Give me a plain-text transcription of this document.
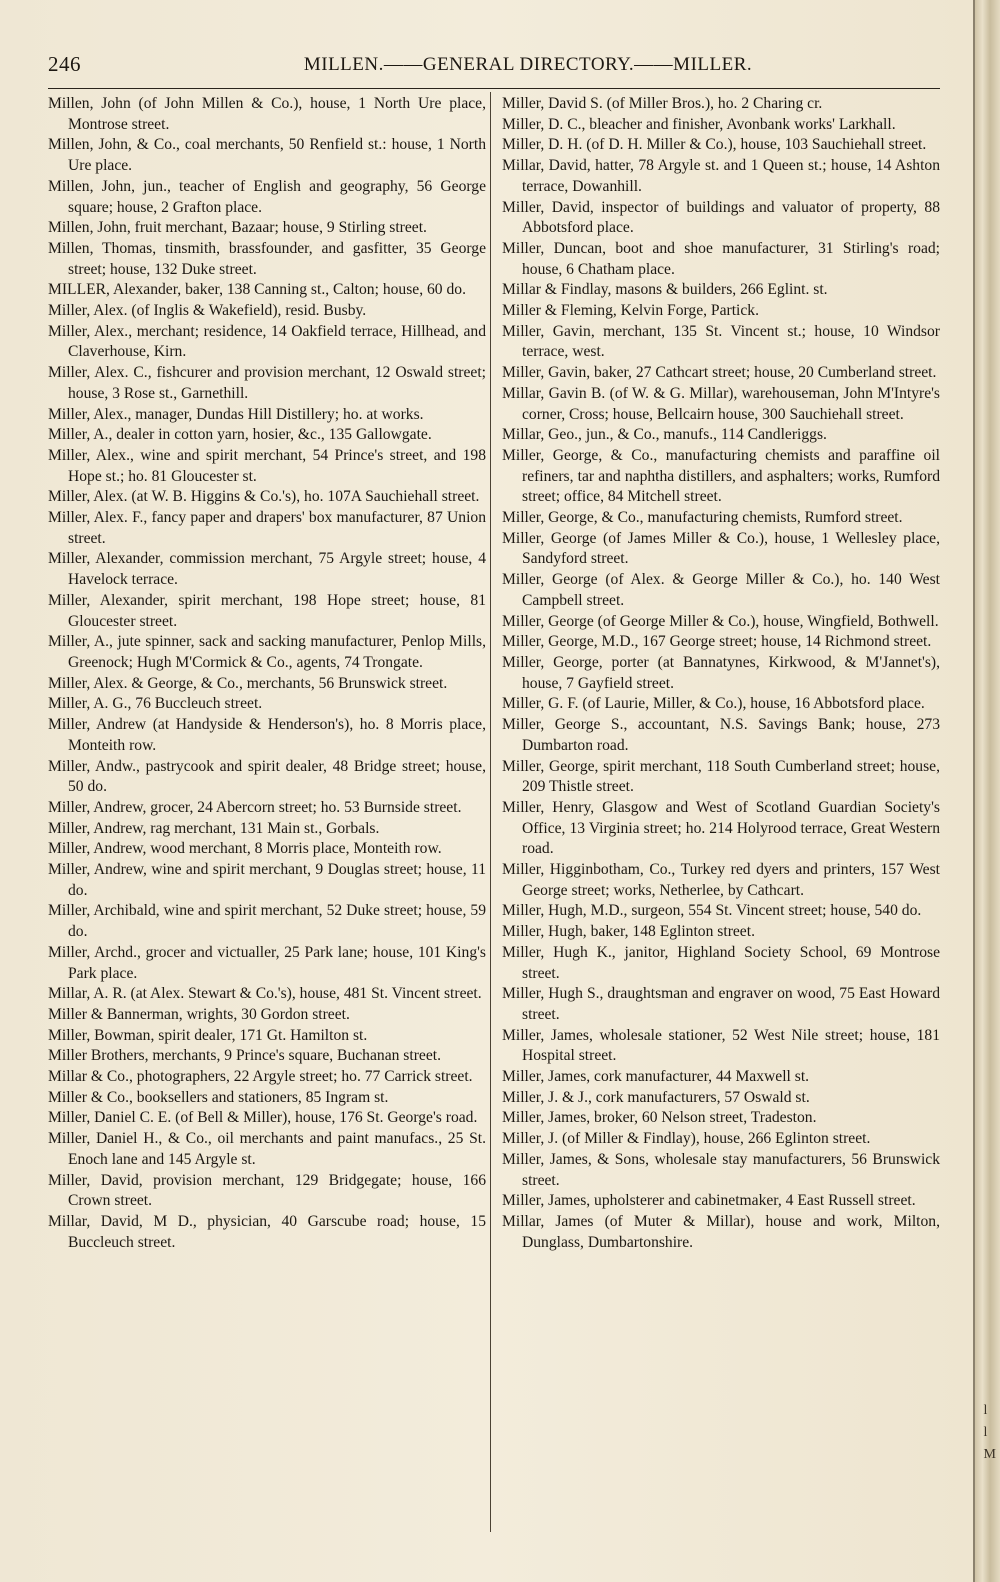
246	MILLEN.——GENERAL DIRECTORY.——MILLER.
Millen, John (of John Millen & Co.), house, 1 North Ure place, Montrose street.
Millen, John, & Co., coal merchants, 50 Renfield st.: house, 1 North Ure place.
Millen, John, jun., teacher of English and geography, 56 George square; house, 2 Grafton place.
Millen, John, fruit merchant, Bazaar; house, 9 Stirling street.
Millen, Thomas, tinsmith, brassfounder, and gasfitter, 35 George street; house, 132 Duke street.
MILLER, Alexander, baker, 138 Canning st., Calton; house, 60 do.
Miller, Alex. (of Inglis & Wakefield), resid. Busby.
Miller, Alex., merchant; residence, 14 Oakfield terrace, Hillhead, and Claverhouse, Kirn.
Miller, Alex. C., fishcurer and provision merchant, 12 Oswald street; house, 3 Rose st., Garnethill.
Miller, Alex., manager, Dundas Hill Distillery; ho. at works.
Miller, A., dealer in cotton yarn, hosier, &c., 135 Gallowgate.
Miller, Alex., wine and spirit merchant, 54 Prince's street, and 198 Hope st.; ho. 81 Gloucester st.
Miller, Alex. (at W. B. Higgins & Co.'s), ho. 107A Sauchiehall street.
Miller, Alex. F., fancy paper and drapers' box manufacturer, 87 Union street.
Miller, Alexander, commission merchant, 75 Argyle street; house, 4 Havelock terrace.
Miller, Alexander, spirit merchant, 198 Hope street; house, 81 Gloucester street.
Miller, A., jute spinner, sack and sacking manufacturer, Penlop Mills, Greenock; Hugh M'Cormick & Co., agents, 74 Trongate.
Miller, Alex. & George, & Co., merchants, 56 Brunswick street.
Miller, A. G., 76 Buccleuch street.
Miller, Andrew (at Handyside & Henderson's), ho. 8 Morris place, Monteith row.
Miller, Andw., pastrycook and spirit dealer, 48 Bridge street; house, 50 do.
Miller, Andrew, grocer, 24 Abercorn street; ho. 53 Burnside street.
Miller, Andrew, rag merchant, 131 Main st., Gorbals.
Miller, Andrew, wood merchant, 8 Morris place, Monteith row.
Miller, Andrew, wine and spirit merchant, 9 Douglas street; house, 11 do.
Miller, Archibald, wine and spirit merchant, 52 Duke street; house, 59 do.
Miller, Archd., grocer and victualler, 25 Park lane; house, 101 King's Park place.
Millar, A. R. (at Alex. Stewart & Co.'s), house, 481 St. Vincent street.
Miller & Bannerman, wrights, 30 Gordon street.
Miller, Bowman, spirit dealer, 171 Gt. Hamilton st.
Miller Brothers, merchants, 9 Prince's square, Buchanan street.
Millar & Co., photographers, 22 Argyle street; ho. 77 Carrick street.
Miller & Co., booksellers and stationers, 85 Ingram st.
Miller, Daniel C. E. (of Bell & Miller), house, 176 St. George's road.
Miller, Daniel H., & Co., oil merchants and paint manufacs., 25 St. Enoch lane and 145 Argyle st.
Miller, David, provision merchant, 129 Bridgegate; house, 166 Crown street.
Millar, David, M D., physician, 40 Garscube road; house, 15 Buccleuch street.
Miller, David S. (of Miller Bros.), ho. 2 Charing cr.
Miller, D. C., bleacher and finisher, Avonbank works' Larkhall.
Miller, D. H. (of D. H. Miller & Co.), house, 103 Sauchiehall street.
Millar, David, hatter, 78 Argyle st. and 1 Queen st.; house, 14 Ashton terrace, Dowanhill.
Miller, David, inspector of buildings and valuator of property, 88 Abbotsford place.
Miller, Duncan, boot and shoe manufacturer, 31 Stirling's road; house, 6 Chatham place.
Millar & Findlay, masons & builders, 266 Eglint. st.
Miller & Fleming, Kelvin Forge, Partick.
Miller, Gavin, merchant, 135 St. Vincent st.; house, 10 Windsor terrace, west.
Miller, Gavin, baker, 27 Cathcart street; house, 20 Cumberland street.
Millar, Gavin B. (of W. & G. Millar), warehouseman, John M'Intyre's corner, Cross; house, Bellcairn house, 300 Sauchiehall street.
Millar, Geo., jun., & Co., manufs., 114 Candleriggs.
Miller, George, & Co., manufacturing chemists and paraffine oil refiners, tar and naphtha distillers, and asphalters; works, Rumford street; office, 84 Mitchell street.
Miller, George, & Co., manufacturing chemists, Rumford street.
Miller, George (of James Miller & Co.), house, 1 Wellesley place, Sandyford street.
Miller, George (of Alex. & George Miller & Co.), ho. 140 West Campbell street.
Miller, George (of George Miller & Co.), house, Wingfield, Bothwell.
Miller, George, M.D., 167 George street; house, 14 Richmond street.
Miller, George, porter (at Bannatynes, Kirkwood, & M'Jannet's), house, 7 Gayfield street.
Miller, G. F. (of Laurie, Miller, & Co.), house, 16 Abbotsford place.
Miller, George S., accountant, N.S. Savings Bank; house, 273 Dumbarton road.
Miller, George, spirit merchant, 118 South Cumberland street; house, 209 Thistle street.
Miller, Henry, Glasgow and West of Scotland Guardian Society's Office, 13 Virginia street; ho. 214 Holyrood terrace, Great Western road.
Miller, Higginbotham, Co., Turkey red dyers and printers, 157 West George street; works, Netherlee, by Cathcart.
Miller, Hugh, M.D., surgeon, 554 St. Vincent street; house, 540 do.
Miller, Hugh, baker, 148 Eglinton street.
Miller, Hugh K., janitor, Highland Society School, 69 Montrose street.
Miller, Hugh S., draughtsman and engraver on wood, 75 East Howard street.
Miller, James, wholesale stationer, 52 West Nile street; house, 181 Hospital street.
Miller, James, cork manufacturer, 44 Maxwell st.
Miller, J. & J., cork manufacturers, 57 Oswald st.
Miller, James, broker, 60 Nelson street, Tradeston.
Miller, J. (of Miller & Findlay), house, 266 Eglinton street.
Miller, James, & Sons, wholesale stay manufacturers, 56 Brunswick street.
Miller, James, upholsterer and cabinetmaker, 4 East Russell street.
Millar, James (of Muter & Millar), house and work, Milton, Dunglass, Dumbartonshire.
l
l
M
